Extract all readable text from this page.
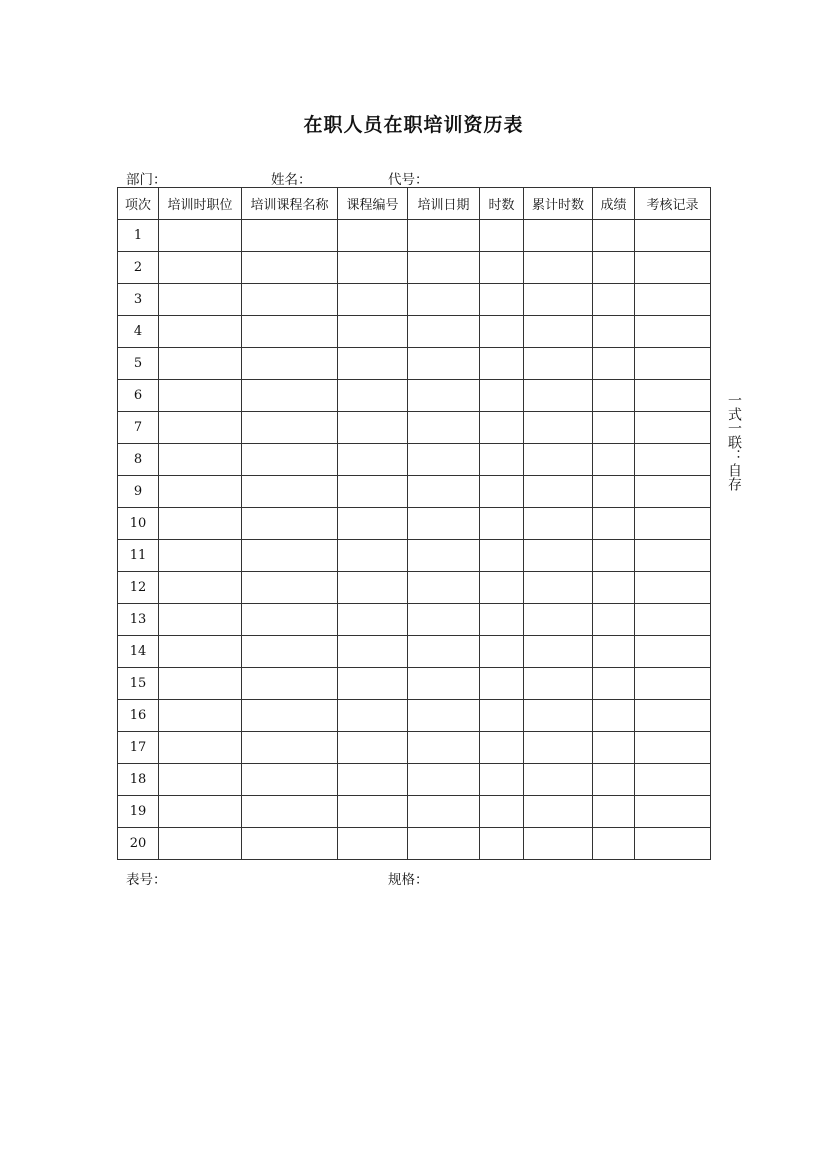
在职人员在职培训资历表
部门：	姓名：	代号：
项次	培训时职位	培训课程名称	课程编号	培训日期	时数	累计时数	成绩	考核记录
1								
2								
3								
4								
5								
6								
7								
8								
9								
10								
11								
12								
13								
14								
15								
16								
17								
18								
19								
20								
一式一联：自存
表号：	规格：
